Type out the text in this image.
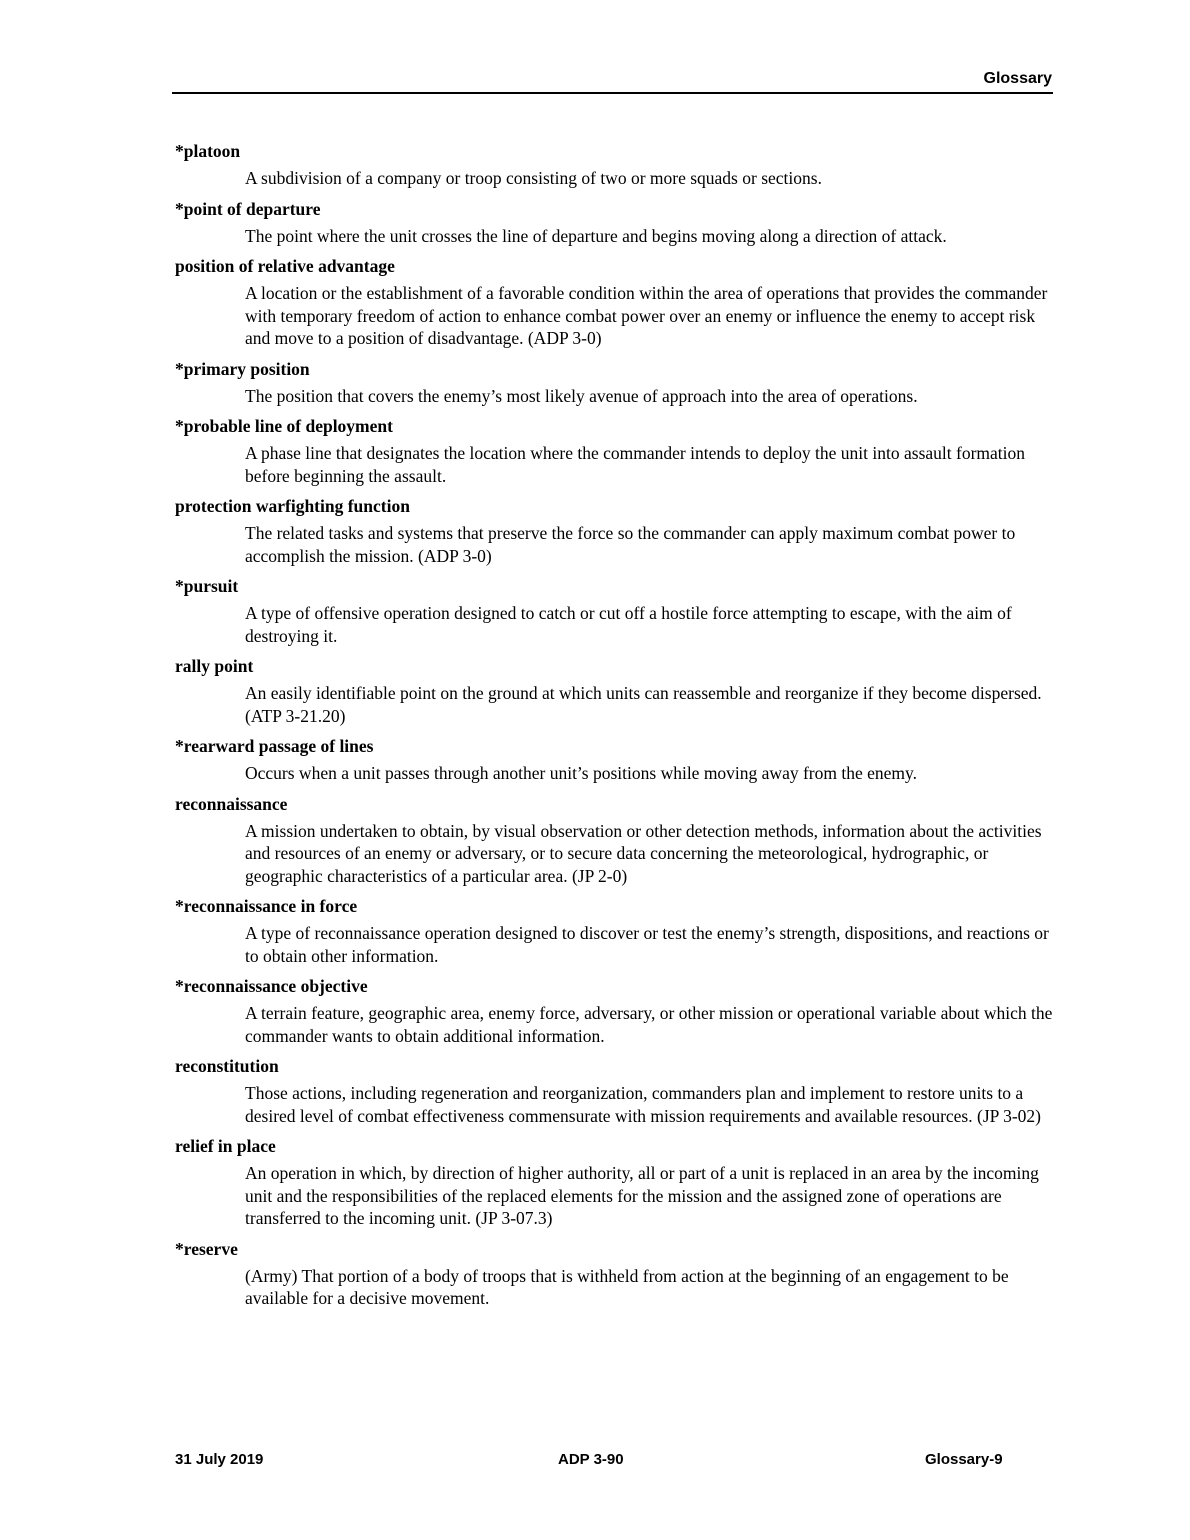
Glossary
*platoon
A subdivision of a company or troop consisting of two or more squads or sections.
*point of departure
The point where the unit crosses the line of departure and begins moving along a direction of attack.
position of relative advantage
A location or the establishment of a favorable condition within the area of operations that provides the commander with temporary freedom of action to enhance combat power over an enemy or influence the enemy to accept risk and move to a position of disadvantage. (ADP 3-0)
*primary position
The position that covers the enemy’s most likely avenue of approach into the area of operations.
*probable line of deployment
A phase line that designates the location where the commander intends to deploy the unit into assault formation before beginning the assault.
protection warfighting function
The related tasks and systems that preserve the force so the commander can apply maximum combat power to accomplish the mission. (ADP 3-0)
*pursuit
A type of offensive operation designed to catch or cut off a hostile force attempting to escape, with the aim of destroying it.
rally point
An easily identifiable point on the ground at which units can reassemble and reorganize if they become dispersed. (ATP 3-21.20)
*rearward passage of lines
Occurs when a unit passes through another unit’s positions while moving away from the enemy.
reconnaissance
A mission undertaken to obtain, by visual observation or other detection methods, information about the activities and resources of an enemy or adversary, or to secure data concerning the meteorological, hydrographic, or geographic characteristics of a particular area. (JP 2-0)
*reconnaissance in force
A type of reconnaissance operation designed to discover or test the enemy’s strength, dispositions, and reactions or to obtain other information.
*reconnaissance objective
A terrain feature, geographic area, enemy force, adversary, or other mission or operational variable about which the commander wants to obtain additional information.
reconstitution
Those actions, including regeneration and reorganization, commanders plan and implement to restore units to a desired level of combat effectiveness commensurate with mission requirements and available resources. (JP 3-02)
relief in place
An operation in which, by direction of higher authority, all or part of a unit is replaced in an area by the incoming unit and the responsibilities of the replaced elements for the mission and the assigned zone of operations are transferred to the incoming unit. (JP 3-07.3)
*reserve
(Army) That portion of a body of troops that is withheld from action at the beginning of an engagement to be available for a decisive movement.
31 July 2019	ADP 3-90	Glossary-9
